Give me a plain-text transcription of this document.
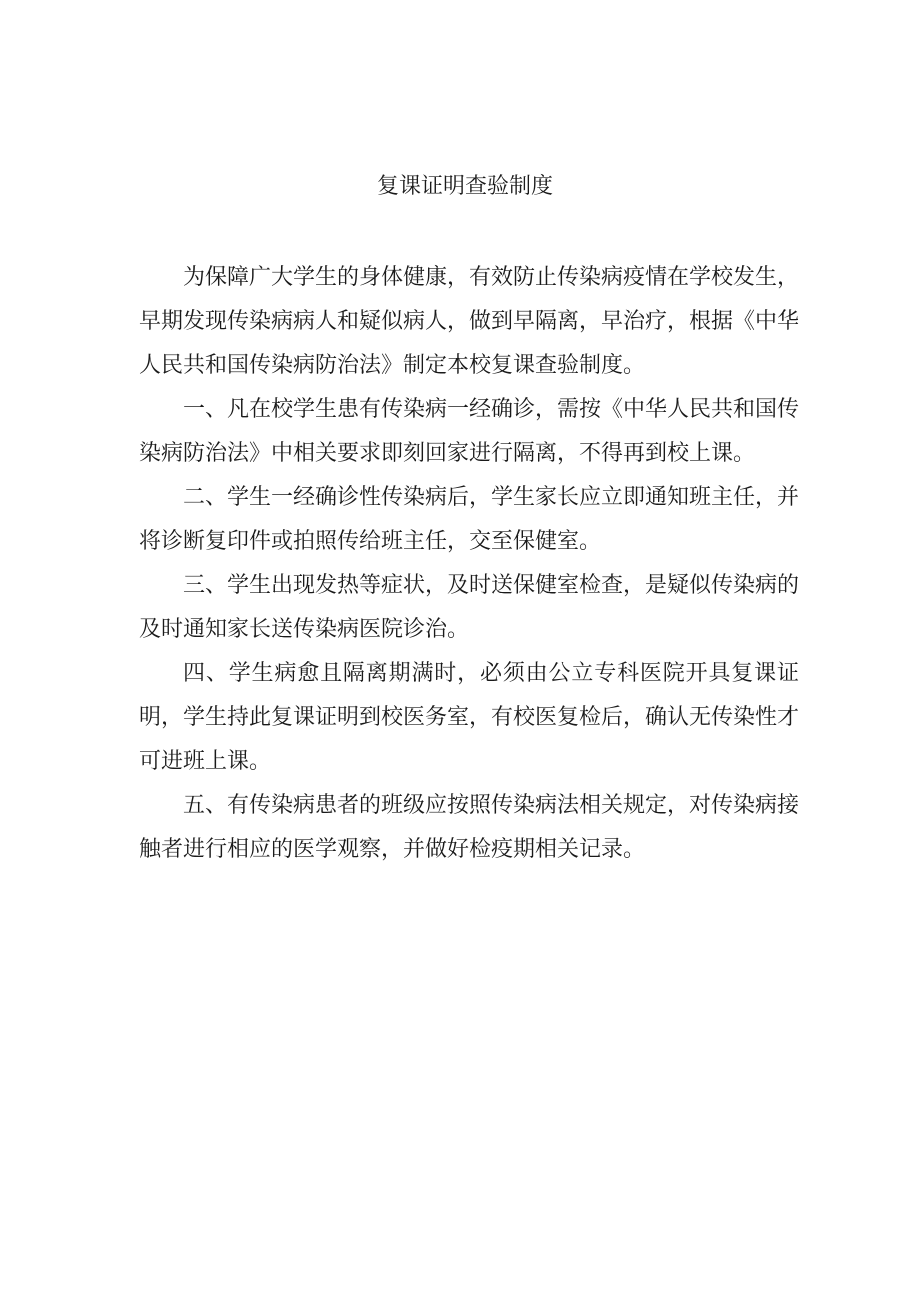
复课证明查验制度

为保障广大学生的身体健康，有效防止传染病疫情在学校发生，早期发现传染病病人和疑似病人，做到早隔离，早治疗，根据《中华人民共和国传染病防治法》制定本校复课查验制度。

一、凡在校学生患有传染病一经确诊，需按《中华人民共和国传染病防治法》中相关要求即刻回家进行隔离，不得再到校上课。

二、学生一经确诊性传染病后，学生家长应立即通知班主任，并将诊断复印件或拍照传给班主任，交至保健室。

三、学生出现发热等症状，及时送保健室检查，是疑似传染病的及时通知家长送传染病医院诊治。

四、学生病愈且隔离期满时，必须由公立专科医院开具复课证明，学生持此复课证明到校医务室，有校医复检后，确认无传染性才可进班上课。

五、有传染病患者的班级应按照传染病法相关规定，对传染病接触者进行相应的医学观察，并做好检疫期相关记录。
